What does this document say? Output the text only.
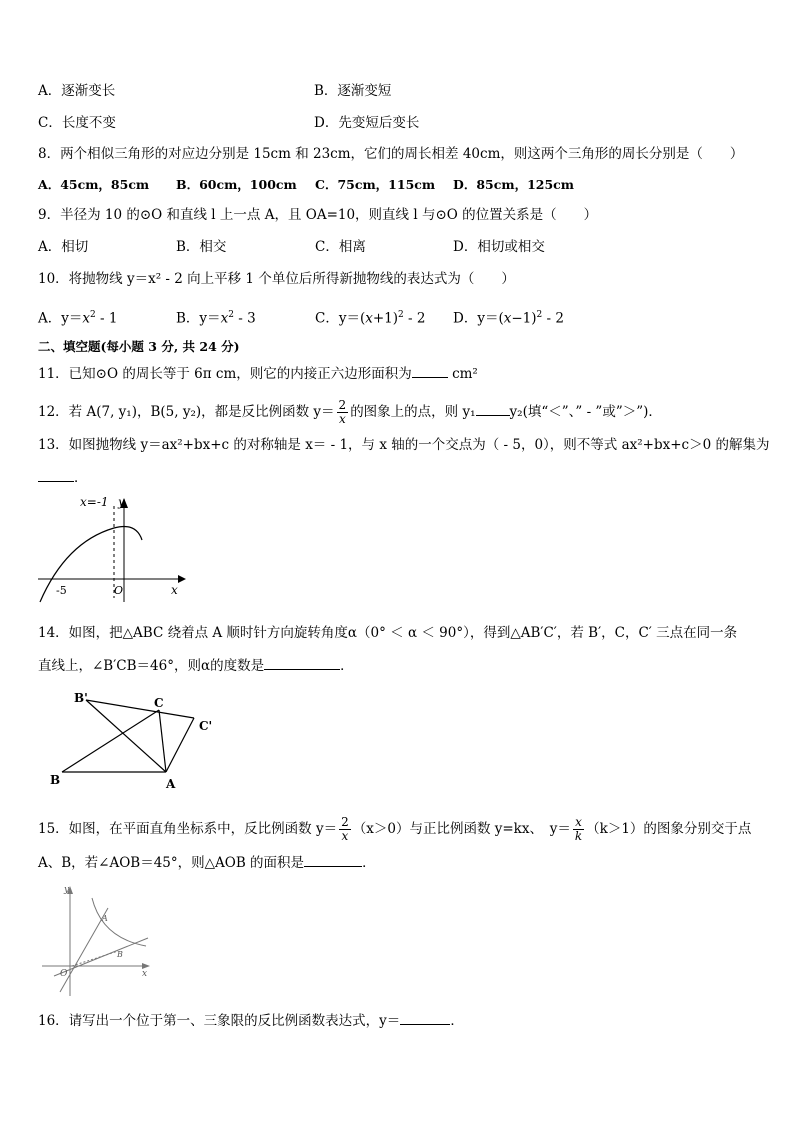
A．逐渐变长	B．逐渐变短
C．长度不变	D．先变短后变长
8．两个相似三角形的对应边分别是 15cm 和 23cm，它们的周长相差 40cm，则这两个三角形的周长分别是（　　）
A．45cm，85cm B．60cm，100cm C．75cm，115cm D．85cm，125cm
9．半径为 10 的⊙O 和直线 l 上一点 A，且 OA=10，则直线 l 与⊙O 的位置关系是（　　）
A．相切	B．相交	C．相离	D．相切或相交
10．将抛物线 y＝x² - 2 向上平移 1 个单位后所得新抛物线的表达式为（　　）
A．$y=x^2 - 1$	B．$y=x^2 - 3$	C．$y=(x+1)^2 - 2$ D．$y=(x-1)^2 - 2$
二、填空题(每小题 3 分, 共 24 分)
11．已知⊙O 的周长等于 6π cm，则它的内接正六边形面积为	cm²
12．若 A(7, y₁)，B(5, y₂)，都是反比例函数 $y= \frac{2}{x}$ 的图象上的点，则 y₁	y₂(填“＜”、” - ”或”＞”)．
13．如图抛物线 y＝ax²+bx+c 的对称轴是 x＝ - 1，与 x 轴的一个交点为（ - 5，0），则不等式 ax²+bx+c＞0 的解集为
．
x=-1 y
x
-5	O
14．如图，把△ABC 绕着点 A 顺时针方向旋转角度α（0° ＜ α ＜ 90°），得到△AB′C′，若 B′，C，C′ 三点在同一条
直线上，∠B′CB＝46°，则α的度数是	．
B'	C
C'
B	A
15．如图，在平面直角坐标系中，反比例函数 $y= \frac{2}{x} (x>0)$与正比例函数 y=kx、　$y= \frac{x}{k} (k>1)$的图象分别交于点
A、B，若∠AOB＝45°，则△AOB 的面积是	．
y
x
A
B
O
16．请写出一个位于第一、三象限的反比例函数表达式，y＝	．
